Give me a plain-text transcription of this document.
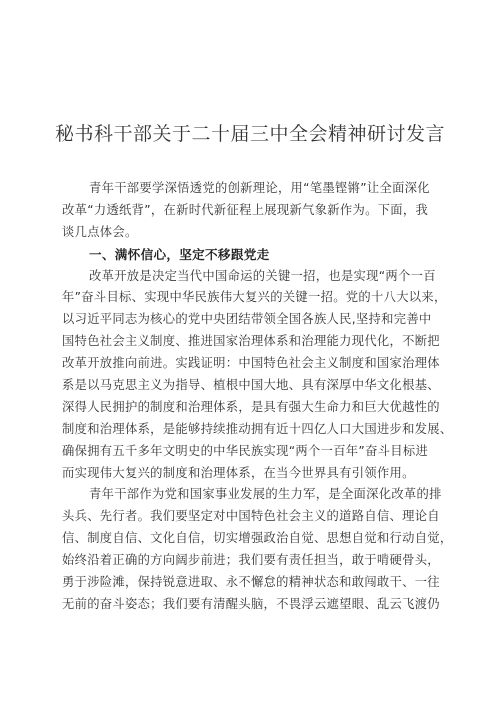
秘书科干部关于二十届三中全会精神研讨发言
青年干部要学深悟透党的创新理论，用“笔墨铿锵”让全面深化
改革“力透纸背”，在新时代新征程上展现新气象新作为。下面，我
谈几点体会。
一、满怀信心，坚定不移跟党走
改革开放是决定当代中国命运的关键一招，也是实现“两个一百
年”奋斗目标、实现中华民族伟大复兴的关键一招。党的十八大以来，
以习近平同志为核心的党中央团结带领全国各族人民,坚持和完善中
国特色社会主义制度、推进国家治理体系和治理能力现代化，不断把
改革开放推向前进。实践证明：中国特色社会主义制度和国家治理体
系是以马克思主义为指导、植根中国大地、具有深厚中华文化根基、
深得人民拥护的制度和治理体系，是具有强大生命力和巨大优越性的
制度和治理体系，是能够持续推动拥有近十四亿人口大国进步和发展、
确保拥有五千多年文明史的中华民族实现“两个一百年”奋斗目标进
而实现伟大复兴的制度和治理体系，在当今世界具有引领作用。
青年干部作为党和国家事业发展的生力军，是全面深化改革的排
头兵、先行者。我们要坚定对中国特色社会主义的道路自信、理论自
信、制度自信、文化自信，切实增强政治自觉、思想自觉和行动自觉，
始终沿着正确的方向阔步前进；我们要有责任担当，敢于啃硬骨头，
勇于涉险滩，保持锐意进取、永不懈怠的精神状态和敢闯敢干、一往
无前的奋斗姿态；我们要有清醒头脑，不畏浮云遮望眼、乱云飞渡仍
